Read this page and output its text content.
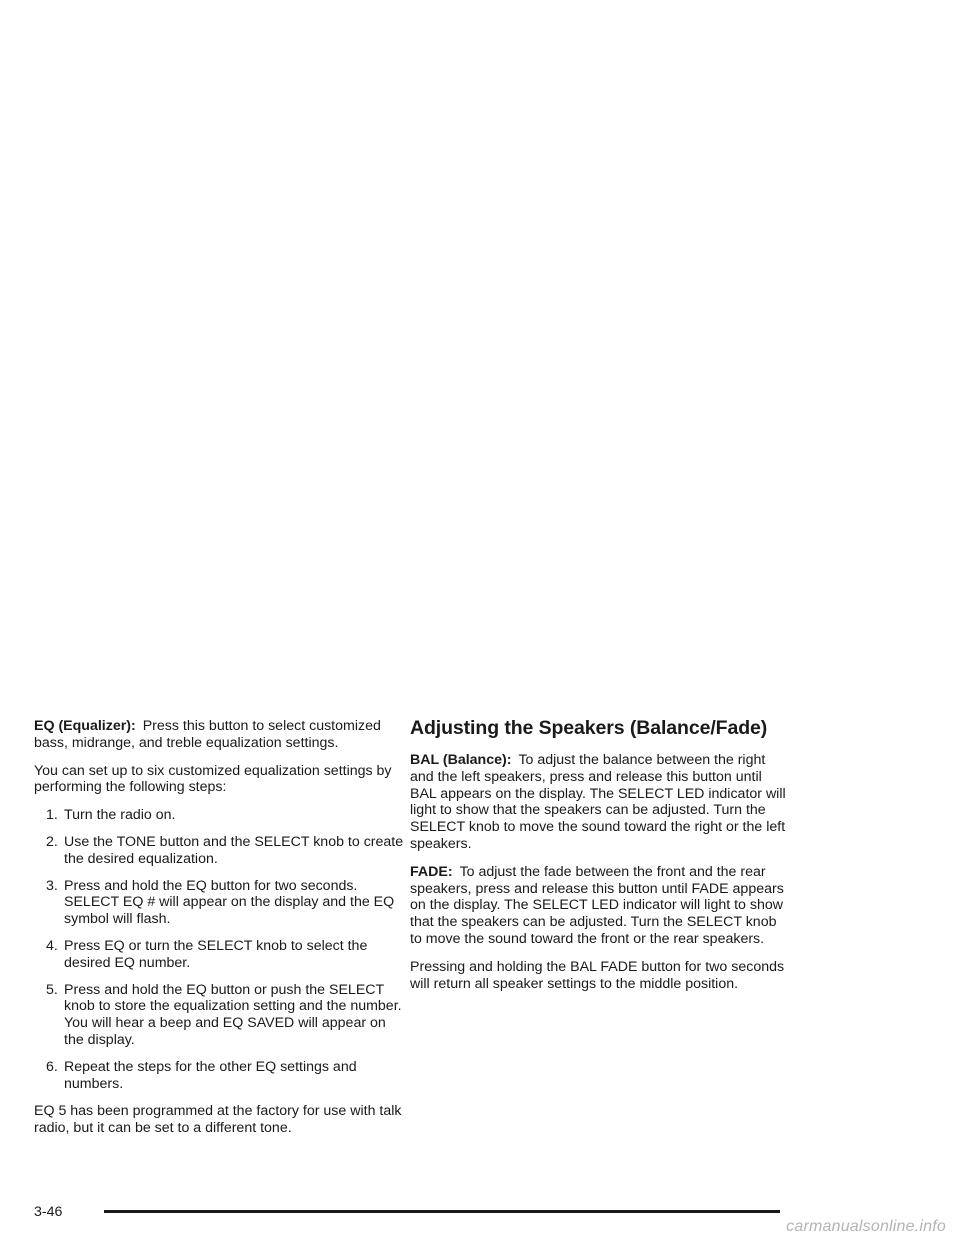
EQ (Equalizer): Press this button to select customized bass, midrange, and treble equalization settings.

You can set up to six customized equalization settings by performing the following steps:

1. Turn the radio on.
2. Use the TONE button and the SELECT knob to create the desired equalization.
3. Press and hold the EQ button for two seconds. SELECT EQ # will appear on the display and the EQ symbol will flash.
4. Press EQ or turn the SELECT knob to select the desired EQ number.
5. Press and hold the EQ button or push the SELECT knob to store the equalization setting and the number. You will hear a beep and EQ SAVED will appear on the display.
6. Repeat the steps for the other EQ settings and numbers.

EQ 5 has been programmed at the factory for use with talk radio, but it can be set to a different tone.

Adjusting the Speakers (Balance/Fade)

BAL (Balance): To adjust the balance between the right and the left speakers, press and release this button until BAL appears on the display. The SELECT LED indicator will light to show that the speakers can be adjusted. Turn the SELECT knob to move the sound toward the right or the left speakers.

FADE: To adjust the fade between the front and the rear speakers, press and release this button until FADE appears on the display. The SELECT LED indicator will light to show that the speakers can be adjusted. Turn the SELECT knob to move the sound toward the front or the rear speakers.

Pressing and holding the BAL FADE button for two seconds will return all speaker settings to the middle position.

3-46
carmanualsonline.info
